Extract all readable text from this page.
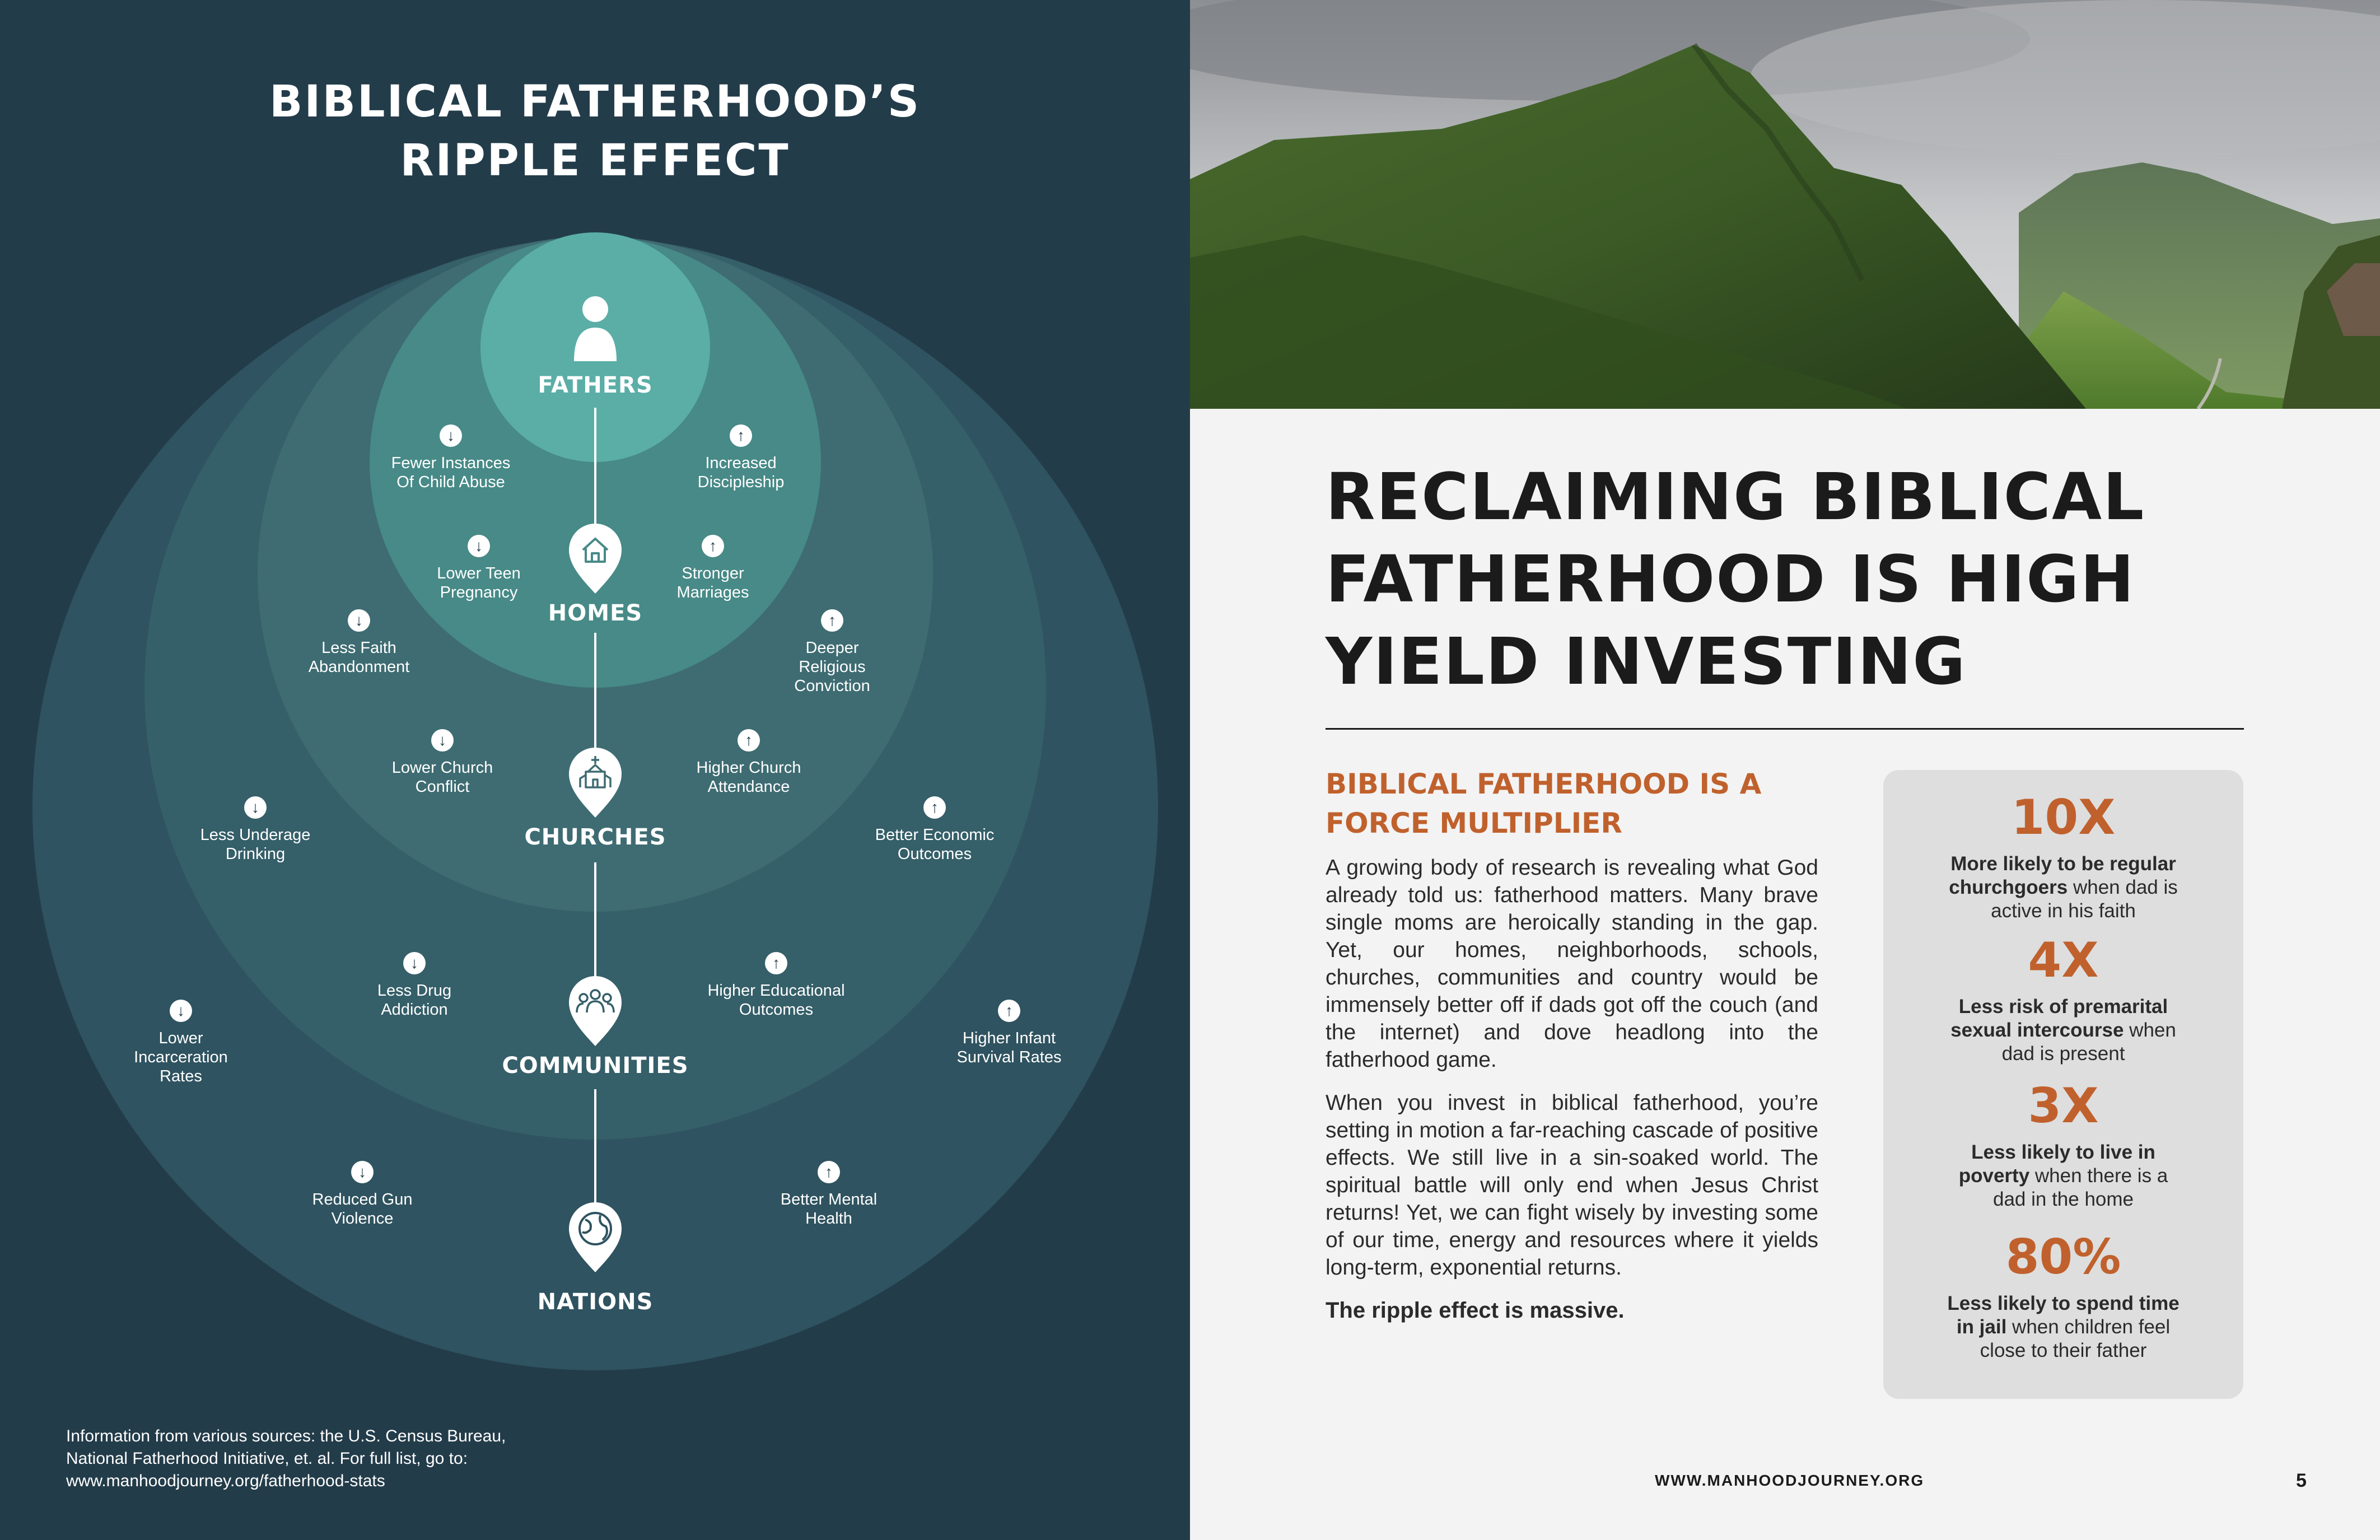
BIBLICAL FATHERHOOD’S
RIPPLE EFFECT
FATHERS
HOMES
CHURCHES
COMMUNITIES
NATIONS
↓
Fewer Instances
Of Child Abuse
↑
Increased
Discipleship
↓
Lower Teen
Pregnancy
↑
Stronger
Marriages
↓
Less Faith
Abandonment
↑
Deeper
Religious
Conviction
↓
Lower Church
Conflict
↑
Higher Church
Attendance
↓
Less Underage
Drinking
↑
Better Economic
Outcomes
↓
Less Drug
Addiction
↑
Higher Educational
Outcomes
↓
Lower
Incarceration
Rates
↑
Higher Infant
Survival Rates
↓
Reduced Gun
Violence
↑
Better Mental
Health
Information from various sources: the U.S. Census Bureau,
National Fatherhood Initiative, et. al. For full list, go to:
www.manhoodjourney.org/fatherhood-stats
RECLAIMING BIBLICAL
FATHERHOOD IS HIGH
YIELD INVESTING
BIBLICAL FATHERHOOD IS A
FORCE MULTIPLIER
A growing body of research is revealing what God already told us: fatherhood matters. Many brave single moms are heroically standing in the gap. Yet, our homes, neighborhoods, schools, churches, communities and country would be immensely better off if dads got off the couch (and the internet) and dove headlong into the fatherhood game.
When you invest in biblical fatherhood, you’re setting in motion a far-reaching cascade of positive effects. We still live in a sin-soaked world. The spiritual battle will only end when Jesus Christ returns! Yet, we can fight wisely by investing some of our time, energy and resources where it yields long-term, exponential returns.
The ripple effect is massive.
10X
More likely to be regular
churchgoers when dad is
active in his faith
4X
Less risk of premarital
sexual intercourse when
dad is present
3X
Less likely to live in
poverty when there is a
dad in the home
80%
Less likely to spend time
in jail when children feel
close to their father
WWW.MANHOODJOURNEY.ORG	5
